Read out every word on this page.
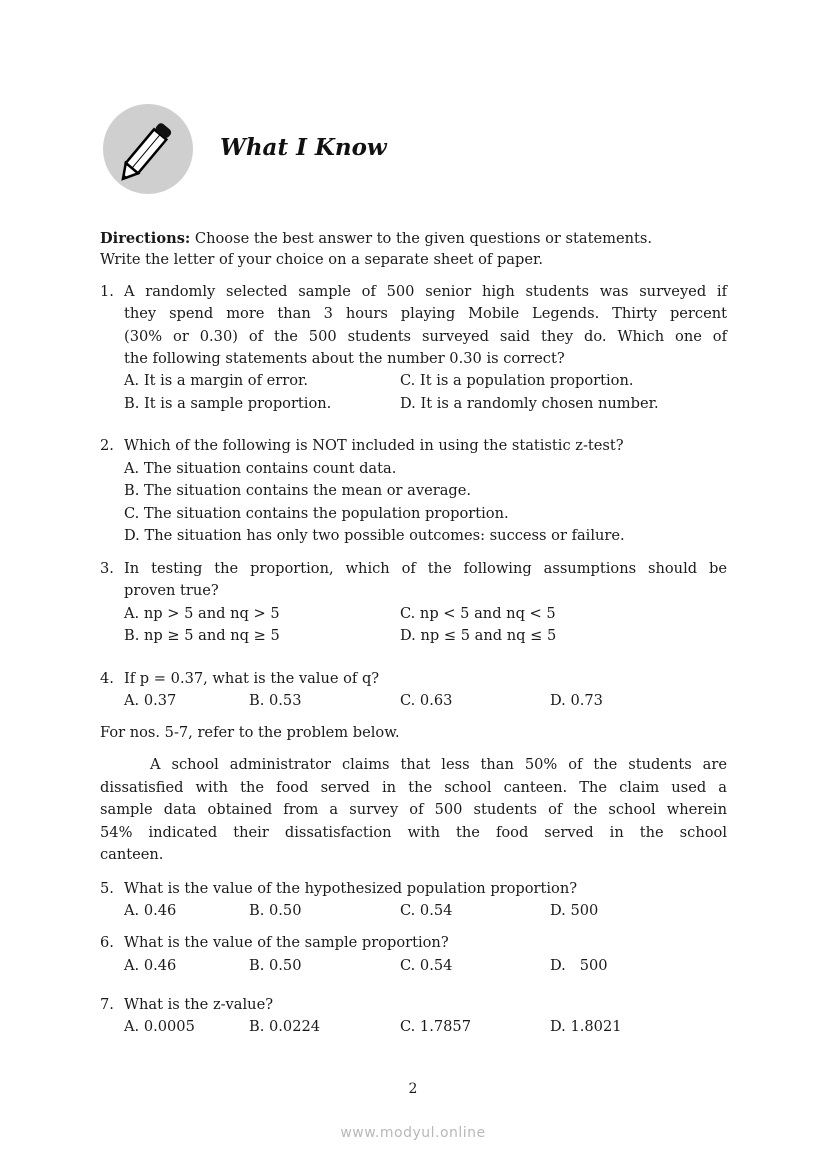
What I Know
Directions: Choose the best answer to the given questions or statements.
Write the letter of your choice on a separate sheet of paper.
1. A randomly selected sample of 500 senior high students was surveyed if
they spend more than 3 hours playing Mobile Legends. Thirty percent
(30% or 0.30) of the 500 students surveyed said they do. Which one of
the following statements about the number 0.30 is correct?
A. It is a margin of error.	C. It is a population proportion.
B. It is a sample proportion.	D. It is a randomly chosen number.
2. Which of the following is NOT included in using the statistic z-test?
A. The situation contains count data.
B. The situation contains the mean or average.
C. The situation contains the population proportion.
D. The situation has only two possible outcomes: success or failure.
3. In testing the proportion, which of the following assumptions should be
proven true?
A. np > 5 and nq > 5	C. np < 5 and nq < 5
B. np ≥ 5 and nq ≥ 5	D. np ≤ 5 and nq ≤ 5
4. If p = 0.37, what is the value of q?
A. 0.37	B. 0.53	C. 0.63	D. 0.73
For nos. 5-7, refer to the problem below.
A school administrator claims that less than 50% of the students are
dissatisfied with the food served in the school canteen. The claim used a
sample data obtained from a survey of 500 students of the school wherein
54% indicated their dissatisfaction with the food served in the school
canteen.
5. What is the value of the hypothesized population proportion?
A. 0.46	B. 0.50	C. 0.54	D. 500
6. What is the value of the sample proportion?
A. 0.46	B. 0.50	C. 0.54	D.   500
7. What is the z-value?
A. 0.0005	B. 0.0224	C. 1.7857	D. 1.8021
2
www.modyul.online
